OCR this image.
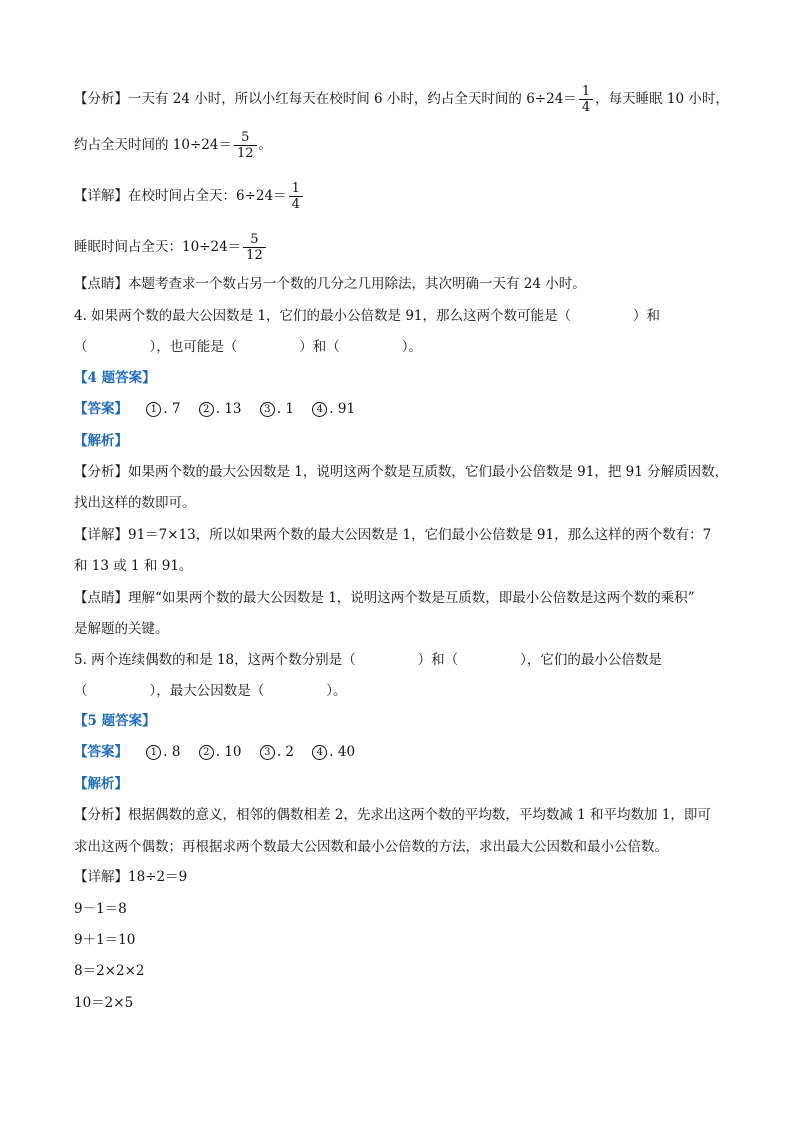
【分析】一天有 24 小时，所以小红每天在校时间 6 小时，约占全天时间的 $6\div 24= \frac{1}{4}$ ，每天睡眠 10 小时，
约占全天时间的 $10\div 24= \frac{5}{12}$ 。
【详解】在校时间占全天：$6\div 24= \frac{1}{4}$
睡眠时间占全天：$10\div 24= \frac{5}{12}$
【点睛】本题考查求一个数占另一个数的几分之几用除法，其次明确一天有 24 小时。
4. 如果两个数的最大公因数是 1，它们的最小公倍数是 91，那么这两个数可能是（	）和
（	），也可能是（	）和（	）。
【4 题答案】
【答案】 1 . 7 2 . 13 3 . 1 4 . 91
【解析】
【分析】如果两个数的最大公因数是 1，说明这两个数是互质数，它们最小公倍数是 91，把 91 分解质因数，
找出这样的数即可。
【详解】91＝7×13，所以如果两个数的最大公因数是 1，它们最小公倍数是 91，那么这样的两个数有：7
和 13 或 1 和 91。
【点睛】理解“如果两个数的最大公因数是 1，说明这两个数是互质数，即最小公倍数是这两个数的乘积”
是解题的关键。
5. 两个连续偶数的和是 18，这两个数分别是（	）和（	），它们的最小公倍数是
（	），最大公因数是（	）。
【5 题答案】
【答案】 1 . 8 2 . 10 3 . 2 4 . 40
【解析】
【分析】根据偶数的意义，相邻的偶数相差 2，先求出这两个数的平均数，平均数减 1 和平均数加 1，即可
求出这两个偶数；再根据求两个数最大公因数和最小公倍数的方法，求出最大公因数和最小公倍数。
【详解】18÷2＝9
9－1＝8
9＋1＝10
8＝2×2×2
10＝2×5
